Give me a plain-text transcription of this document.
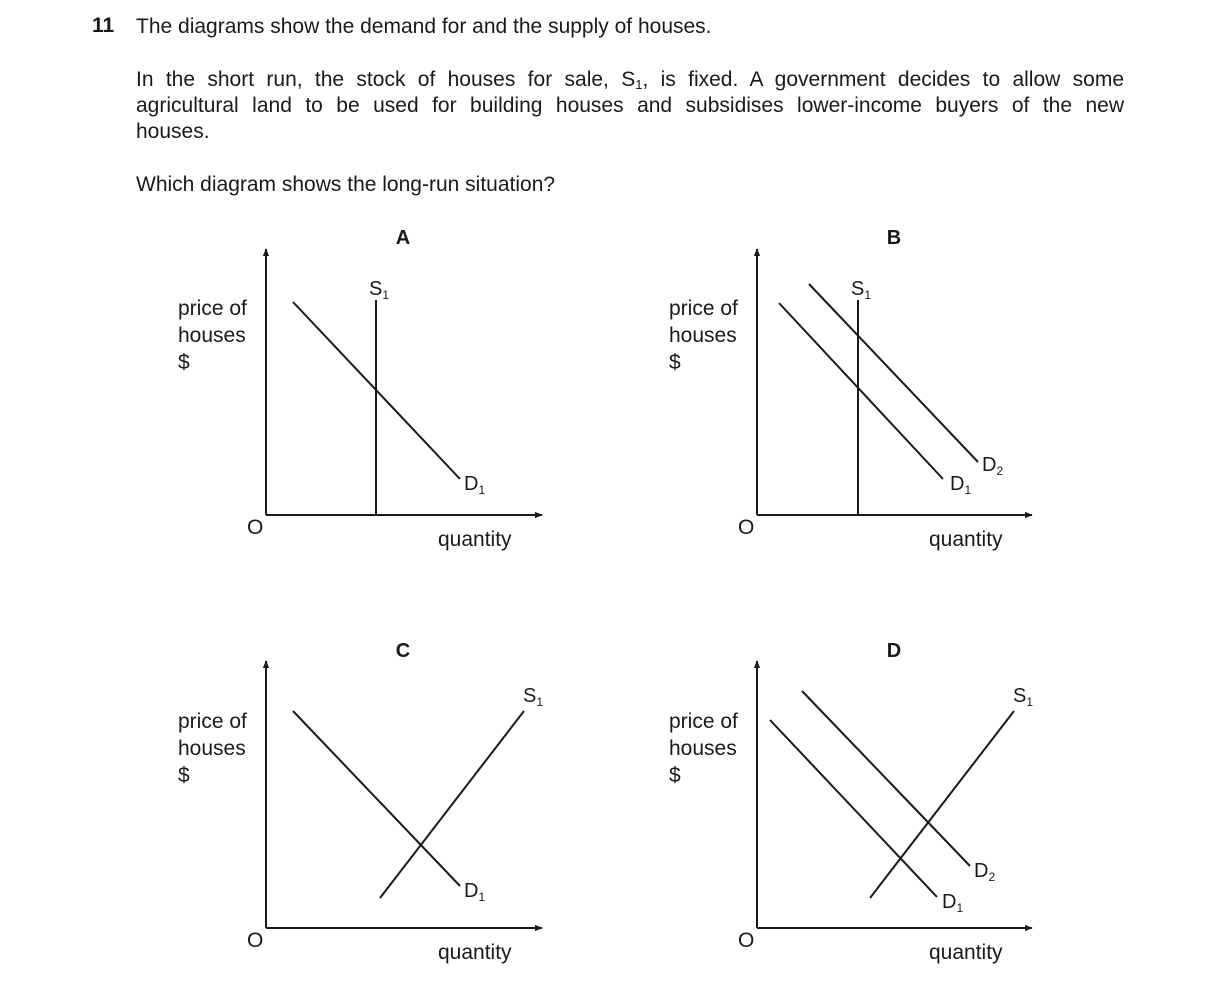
11 The diagrams show the demand for and the supply of houses.
In the short run, the stock of houses for sale, $S_1$, is fixed. A government decides to allow some
agricultural land to be used for building houses and subsidises lower-income buyers of the new
houses.
Which diagram shows the long-run situation?
A
price of
houses
$
O
quantity
$S_1$
$D_1$
B
price of
houses
$
O
quantity
$S_1$
$D_1$
$D_2$
C
price of
houses
$
O
quantity
$S_1$
$D_1$
D
price of
houses
$
O
quantity
$S_1$
$D_1$
$D_2$
